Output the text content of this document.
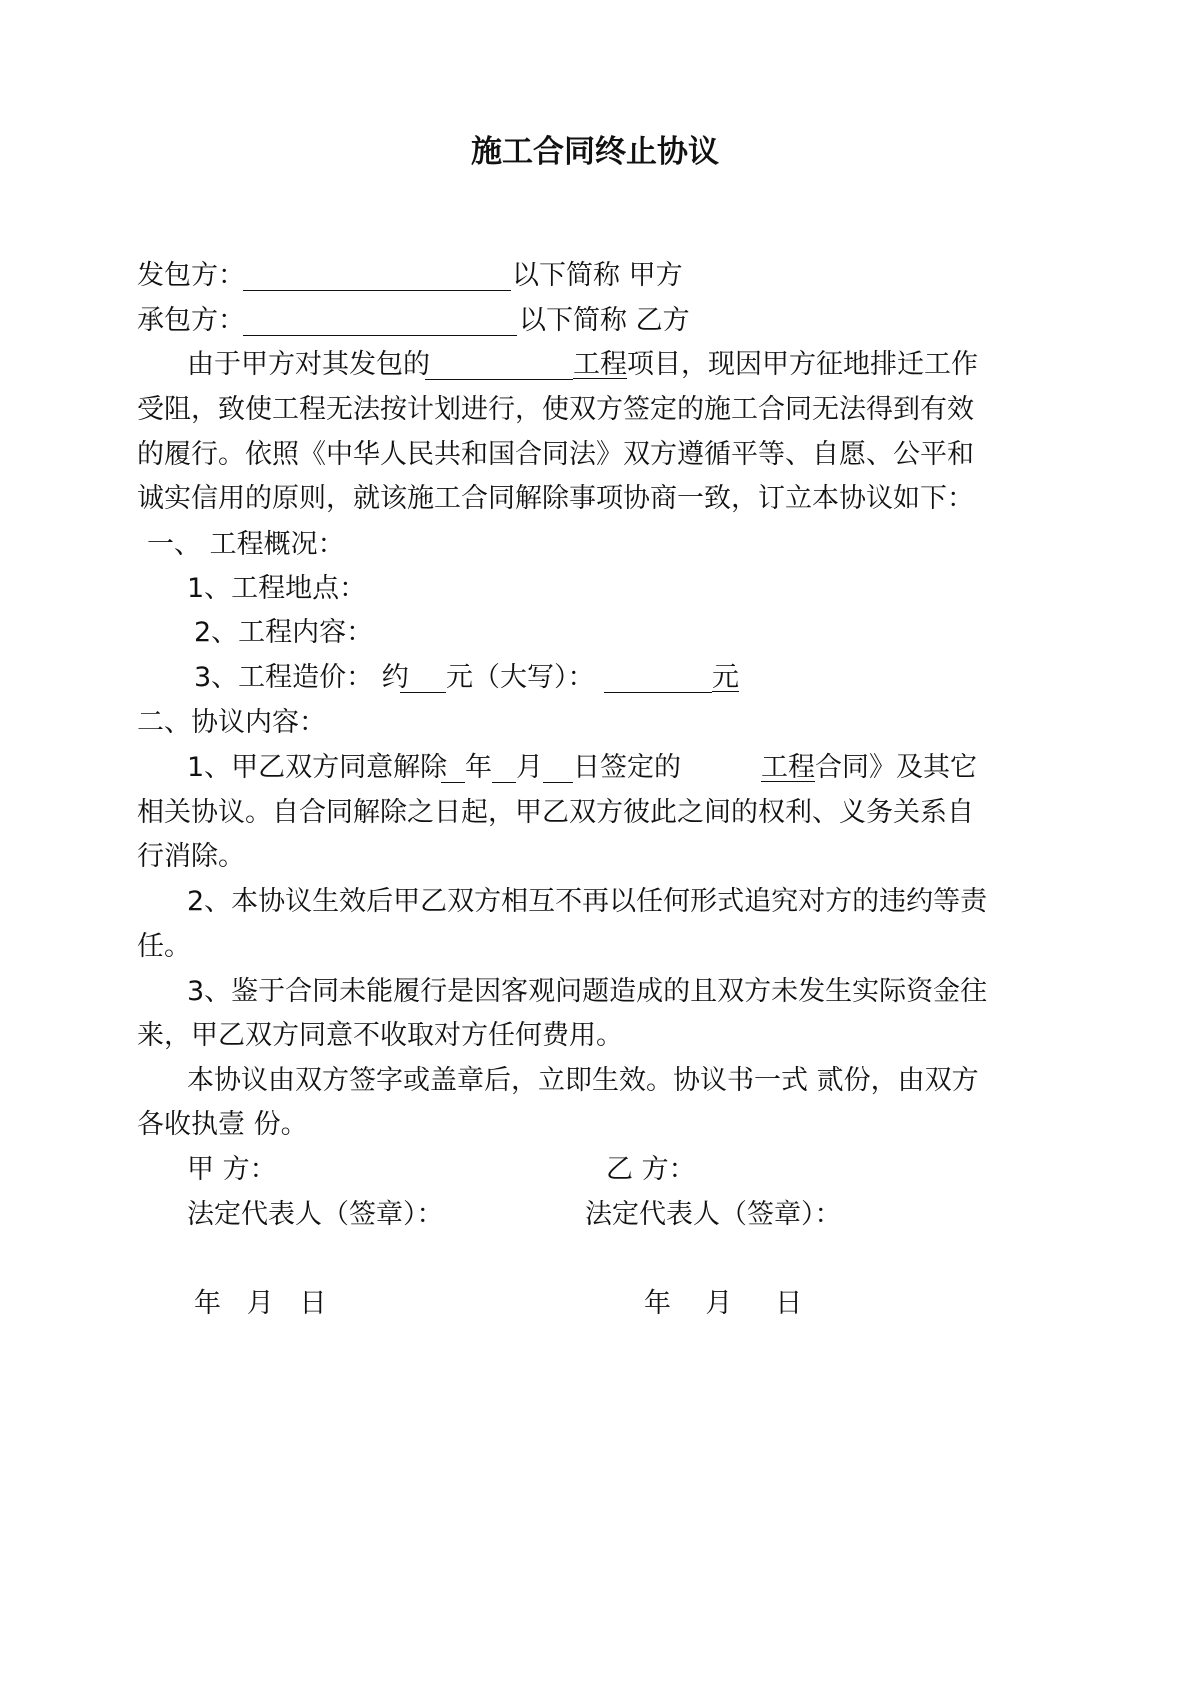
施工合同终止协议
发包方：	以下简称 甲方
承包方：	以下简称 乙方
由于甲方对其发包的	工程 项目，现因甲方征地排迁工作
受阻，致使工程无法按计划进行，使双方签定的施工合同无法得到有效
的履行。依照《中华人民共和国合同法》双方遵循平等、自愿、公平和
诚实信用的原则，就该施工合同解除事项协商一致，订立本协议如下：
一、 工程概况：
1、工程地点：
2、工程内容：
3、工程造价： 约 元（大写）：	元
二、协议内容：
1、甲乙双方同意解除 年 月 日签定的	工程 合同》及其它
相关协议。自合同解除之日起，甲乙双方彼此之间的权利、义务关系自
行消除。
2、本协议生效后甲乙双方相互不再以任何形式追究对方的违约等责
任。
3、鉴于合同未能履行是因客观问题造成的且双方未发生实际资金往
来，甲乙双方同意不收取对方任何费用。
本协议由双方签字或盖章后，立即生效。协议书一式 贰份，由双方
各收执壹 份。
甲 方：	乙 方：
法定代表人（签章）：	法定代表人（签章）：
年   月   日	年    月     日
